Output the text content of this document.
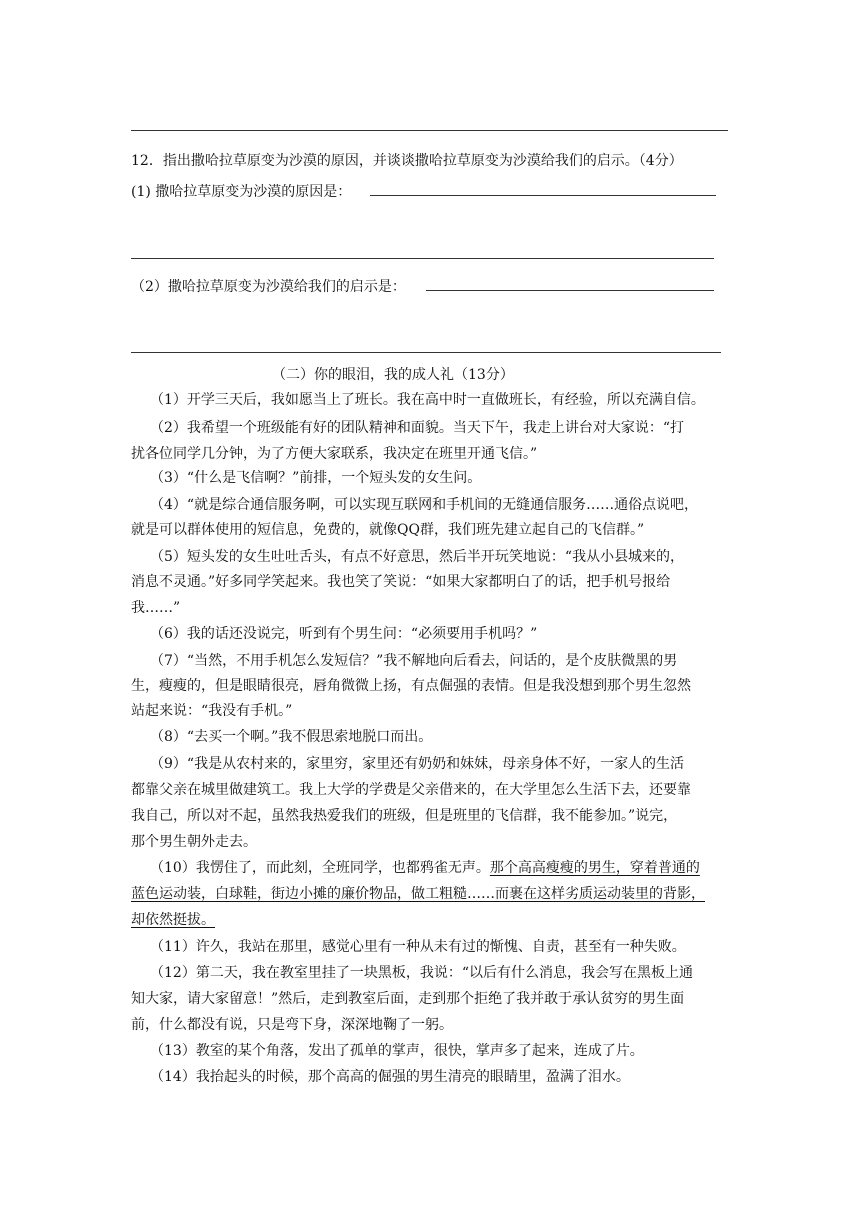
12．指出撒哈拉草原变为沙漠的原因，并谈谈撒哈拉草原变为沙漠给我们的启示。（4分）
(1) 撒哈拉草原变为沙漠的原因是：
（2）撒哈拉草原变为沙漠给我们的启示是：
（二）你的眼泪，我的成人礼（13分）
（1）开学三天后，我如愿当上了班长。我在高中时一直做班长，有经验，所以充满自信。
（2）我希望一个班级能有好的团队精神和面貌。当天下午，我走上讲台对大家说：“打
扰各位同学几分钟，为了方便大家联系，我决定在班里开通飞信。”
（3）“什么是飞信啊？”前排，一个短头发的女生问。
（4）“就是综合通信服务啊，可以实现互联网和手机间的无缝通信服务……通俗点说吧，
就是可以群体使用的短信息，免费的，就像QQ群，我们班先建立起自己的飞信群。”
（5）短头发的女生吐吐舌头，有点不好意思，然后半开玩笑地说：“我从小县城来的，
消息不灵通。”好多同学笑起来。我也笑了笑说：“如果大家都明白了的话，把手机号报给
我……”
（6）我的话还没说完，听到有个男生问：“必须要用手机吗？”
（7）“当然，不用手机怎么发短信？”我不解地向后看去，问话的，是个皮肤微黑的男
生，瘦瘦的，但是眼睛很亮，唇角微微上扬，有点倔强的表情。但是我没想到那个男生忽然
站起来说：“我没有手机。”
（8）“去买一个啊。”我不假思索地脱口而出。
（9）“我是从农村来的，家里穷，家里还有奶奶和妹妹，母亲身体不好，一家人的生活
都靠父亲在城里做建筑工。我上大学的学费是父亲借来的，在大学里怎么生活下去，还要靠
我自己，所以对不起，虽然我热爱我们的班级，但是班里的飞信群，我不能参加。”说完，
那个男生朝外走去。
（10）我愣住了，而此刻，全班同学，也都鸦雀无声。那个高高瘦瘦的男生，穿着普通的
蓝色运动装，白球鞋，街边小摊的廉价物品，做工粗糙……而裹在这样劣质运动装里的背影，
却依然挺拔。
（11）许久，我站在那里，感觉心里有一种从未有过的惭愧、自责，甚至有一种失败。
（12）第二天，我在教室里挂了一块黑板，我说：“以后有什么消息，我会写在黑板上通
知大家，请大家留意！”然后，走到教室后面，走到那个拒绝了我并敢于承认贫穷的男生面
前，什么都没有说，只是弯下身，深深地鞠了一躬。
（13）教室的某个角落，发出了孤单的掌声，很快，掌声多了起来，连成了片。
（14）我抬起头的时候，那个高高的倔强的男生清亮的眼睛里，盈满了泪水。
